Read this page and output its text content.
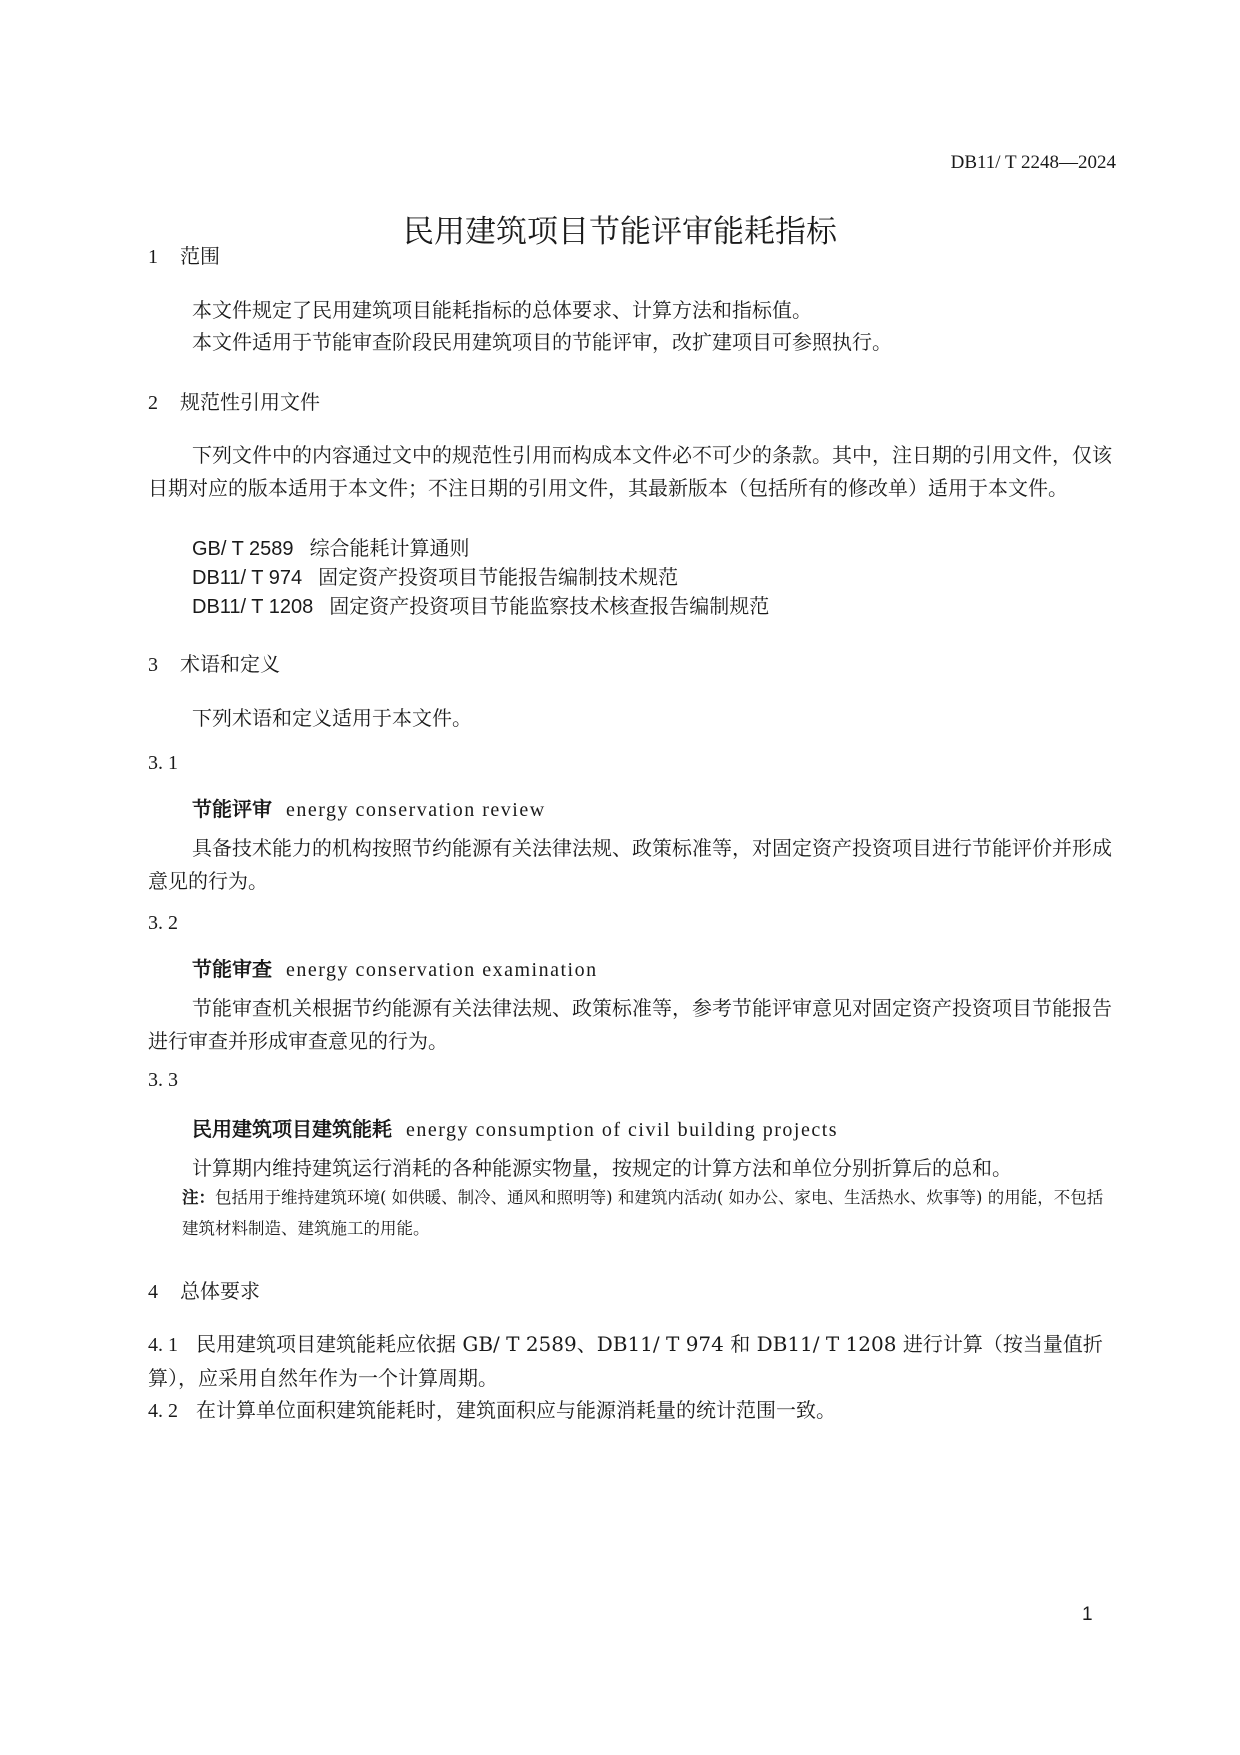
DB11/ T 2248—2024
民用建筑项目节能评审能耗指标
1 范围
本文件规定了民用建筑项目能耗指标的总体要求、计算方法和指标值。
本文件适用于节能审查阶段民用建筑项目的节能评审，改扩建项目可参照执行。
2 规范性引用文件
下列文件中的内容通过文中的规范性引用而构成本文件必不可少的条款。其中，注日期的引用文件，仅该日期对应的版本适用于本文件；不注日期的引用文件，其最新版本（包括所有的修改单）适用于本文件。
GB/ T 2589 综合能耗计算通则
DB11/ T 974 固定资产投资项目节能报告编制技术规范
DB11/ T 1208 固定资产投资项目节能监察技术核查报告编制规范
3 术语和定义
下列术语和定义适用于本文件。
3. 1
节能评审 energy conservation review
具备技术能力的机构按照节约能源有关法律法规、政策标准等，对固定资产投资项目进行节能评价并形成意见的行为。
3. 2
节能审查 energy conservation examination
节能审查机关根据节约能源有关法律法规、政策标准等，参考节能评审意见对固定资产投资项目节能报告进行审查并形成审查意见的行为。
3. 3
民用建筑项目建筑能耗 energy consumption of civil building projects
计算期内维持建筑运行消耗的各种能源实物量，按规定的计算方法和单位分别折算后的总和。
注：包括用于维持建筑环境( 如供暖、制冷、通风和照明等) 和建筑内活动( 如办公、家电、生活热水、炊事等) 的用能，不包括建筑材料制造、建筑施工的用能。
4 总体要求
4. 1 民用建筑项目建筑能耗应依据 GB/ T 2589、DB11/ T 974 和 DB11/ T 1208 进行计算（按当量值折算），应采用自然年作为一个计算周期。
4. 2 在计算单位面积建筑能耗时，建筑面积应与能源消耗量的统计范围一致。
1
